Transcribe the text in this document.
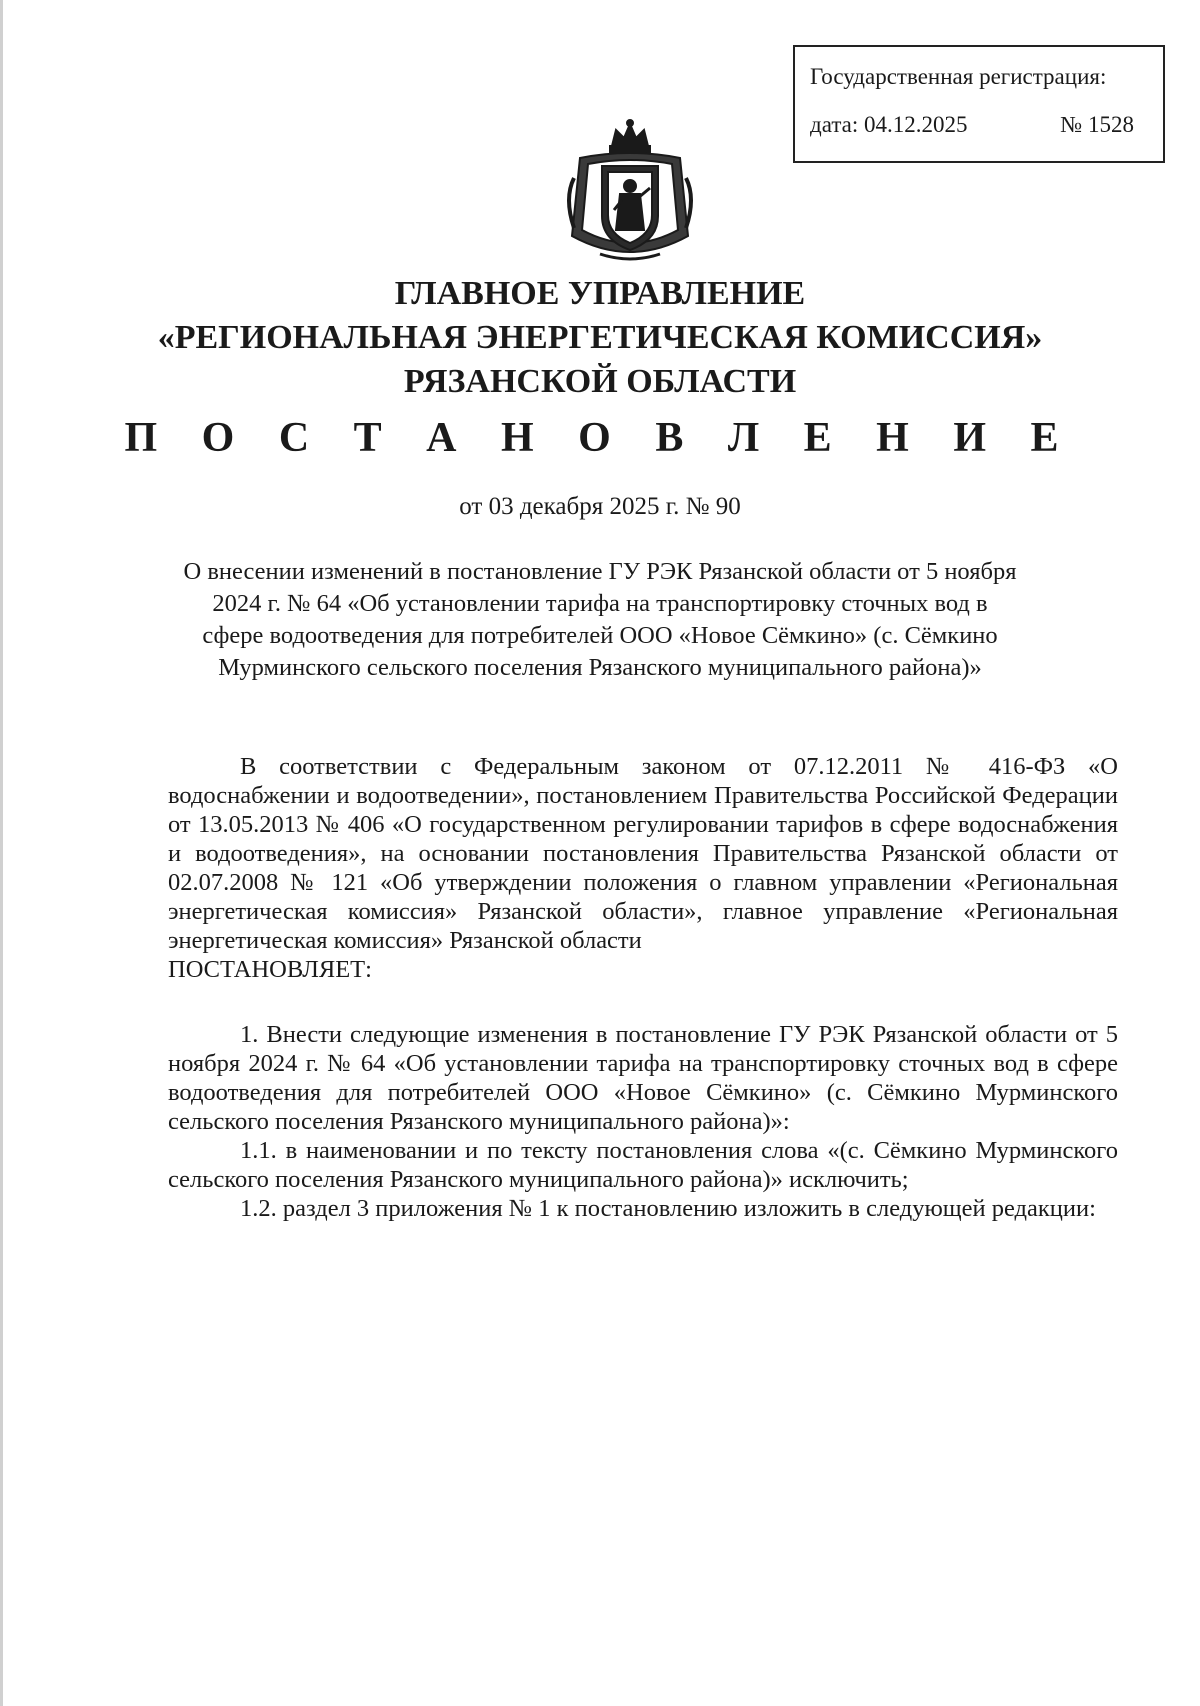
Государственная регистрация:
дата: 04.12.2025	№ 1528
ГЛАВНОЕ УПРАВЛЕНИЕ
«РЕГИОНАЛЬНАЯ ЭНЕРГЕТИЧЕСКАЯ КОМИССИЯ»
РЯЗАНСКОЙ ОБЛАСТИ
П О С Т А Н О В Л Е Н И Е
от 03 декабря 2025 г. № 90
О внесении изменений в постановление ГУ РЭК Рязанской области от 5 ноября 2024 г. № 64 «Об установлении тарифа на транспортировку сточных вод в сфере водоотведения для потребителей ООО «Новое Сёмкино» (с. Сёмкино Мурминского сельского поселения Рязанского муниципального района)»

В соответствии с Федеральным законом от 07.12.2011 № 416-ФЗ «О водоснабжении и водоотведении», постановлением Правительства Российской Федерации от 13.05.2013 № 406 «О государственном регулировании тарифов в сфере водоснабжения и водоотведения», на основании постановления Правительства Рязанской области от 02.07.2008 № 121 «Об утверждении положения о главном управлении «Региональная энергетическая комиссия» Рязанской области», главное управление «Региональная энергетическая комиссия» Рязанской области

ПОСТАНОВЛЯЕТ:

1. Внести следующие изменения в постановление ГУ РЭК Рязанской области от 5 ноября 2024 г. № 64 «Об установлении тарифа на транспортировку сточных вод в сфере водоотведения для потребителей ООО «Новое Сёмкино» (с. Сёмкино Мурминского сельского поселения Рязанского муниципального района)»:

1.1. в наименовании и по тексту постановления слова «(с. Сёмкино Мурминского сельского поселения Рязанского муниципального района)» исключить;

1.2. раздел 3 приложения № 1 к постановлению изложить в следующей редакции:
